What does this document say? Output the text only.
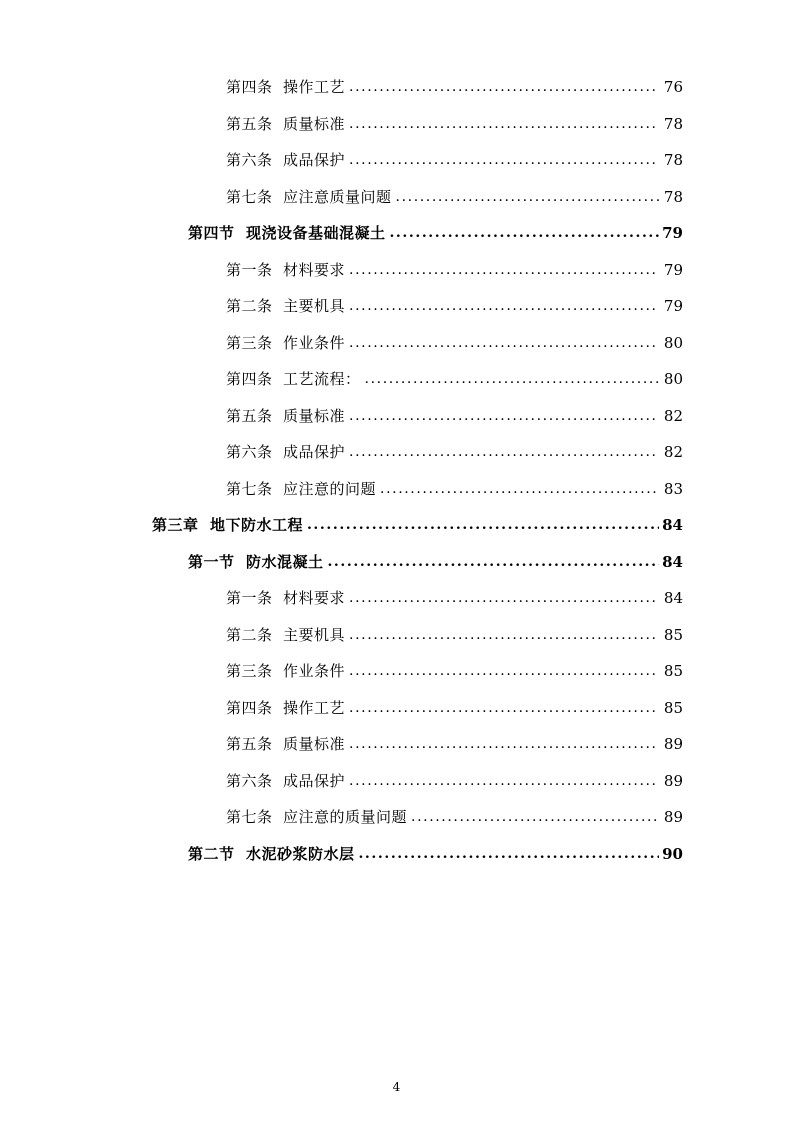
第四条  操作工艺 .....	76
第五条  质量标准 .....	78
第六条  成品保护 .....	78
第七条  应注意质量问题 .....	78
第四节  现浇设备基础混凝土 .....	79
第一条  材料要求 .....	79
第二条  主要机具 .....	79
第三条  作业条件 .....	80
第四条  工艺流程： .....	80
第五条  质量标准 .....	82
第六条  成品保护 .....	82
第七条  应注意的问题 .....	83
第三章  地下防水工程 .....	84
第一节  防水混凝土 .....	84
第一条  材料要求 .....	84
第二条  主要机具 .....	85
第三条  作业条件 .....	85
第四条  操作工艺 .....	85
第五条  质量标准 .....	89
第六条  成品保护 .....	89
第七条  应注意的质量问题 .....	89
第二节  水泥砂浆防水层 .....	90
4
